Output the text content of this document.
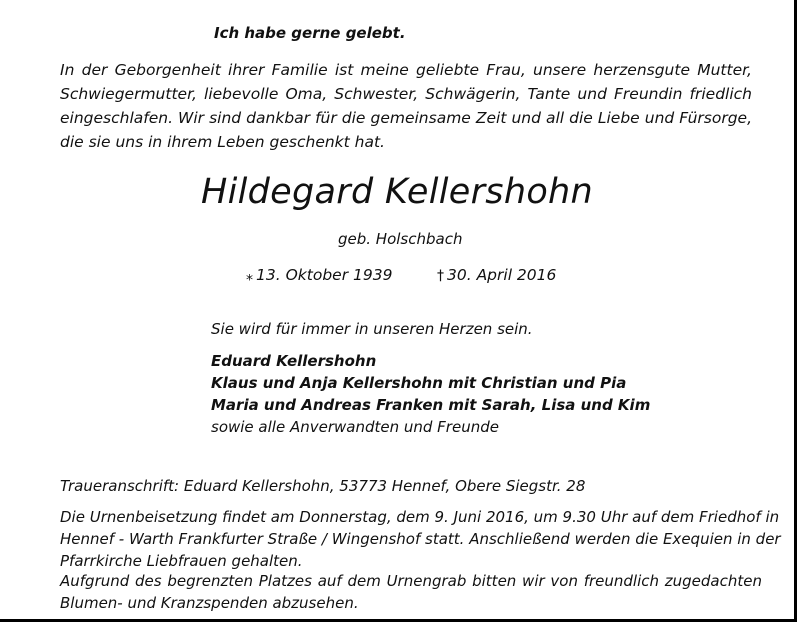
Ich habe gerne gelebt.

In der Geborgenheit ihrer Familie ist meine geliebte Frau, unsere herzensgute Mutter,
Schwiegermutter, liebevolle Oma, Schwester, Schwägerin, Tante und Freundin friedlich
eingeschlafen. Wir sind dankbar für die gemeinsame Zeit und all die Liebe und Fürsorge,
die sie uns in ihrem Leben geschenkt hat.

Hildegard Kellershohn
geb. Holschbach
⁎ 13. Oktober 1939	† 30. April 2016
Sie wird für immer in unseren Herzen sein.
Eduard Kellershohn
Klaus und Anja Kellershohn mit Christian und Pia
Maria und Andreas Franken mit Sarah, Lisa und Kim
sowie alle Anverwandten und Freunde
Traueranschrift: Eduard Kellershohn, 53773 Hennef, Obere Siegstr. 28
Die Urnenbeisetzung findet am Donnerstag, dem 9. Juni 2016, um 9.30 Uhr auf dem Friedhof in
Hennef - Warth Frankfurter Straße / Wingenshof statt. Anschließend werden die Exequien in der
Pfarrkirche Liebfrauen gehalten.
Aufgrund des begrenzten Platzes auf dem Urnengrab bitten wir von freundlich zugedachten
Blumen- und Kranzspenden abzusehen.
